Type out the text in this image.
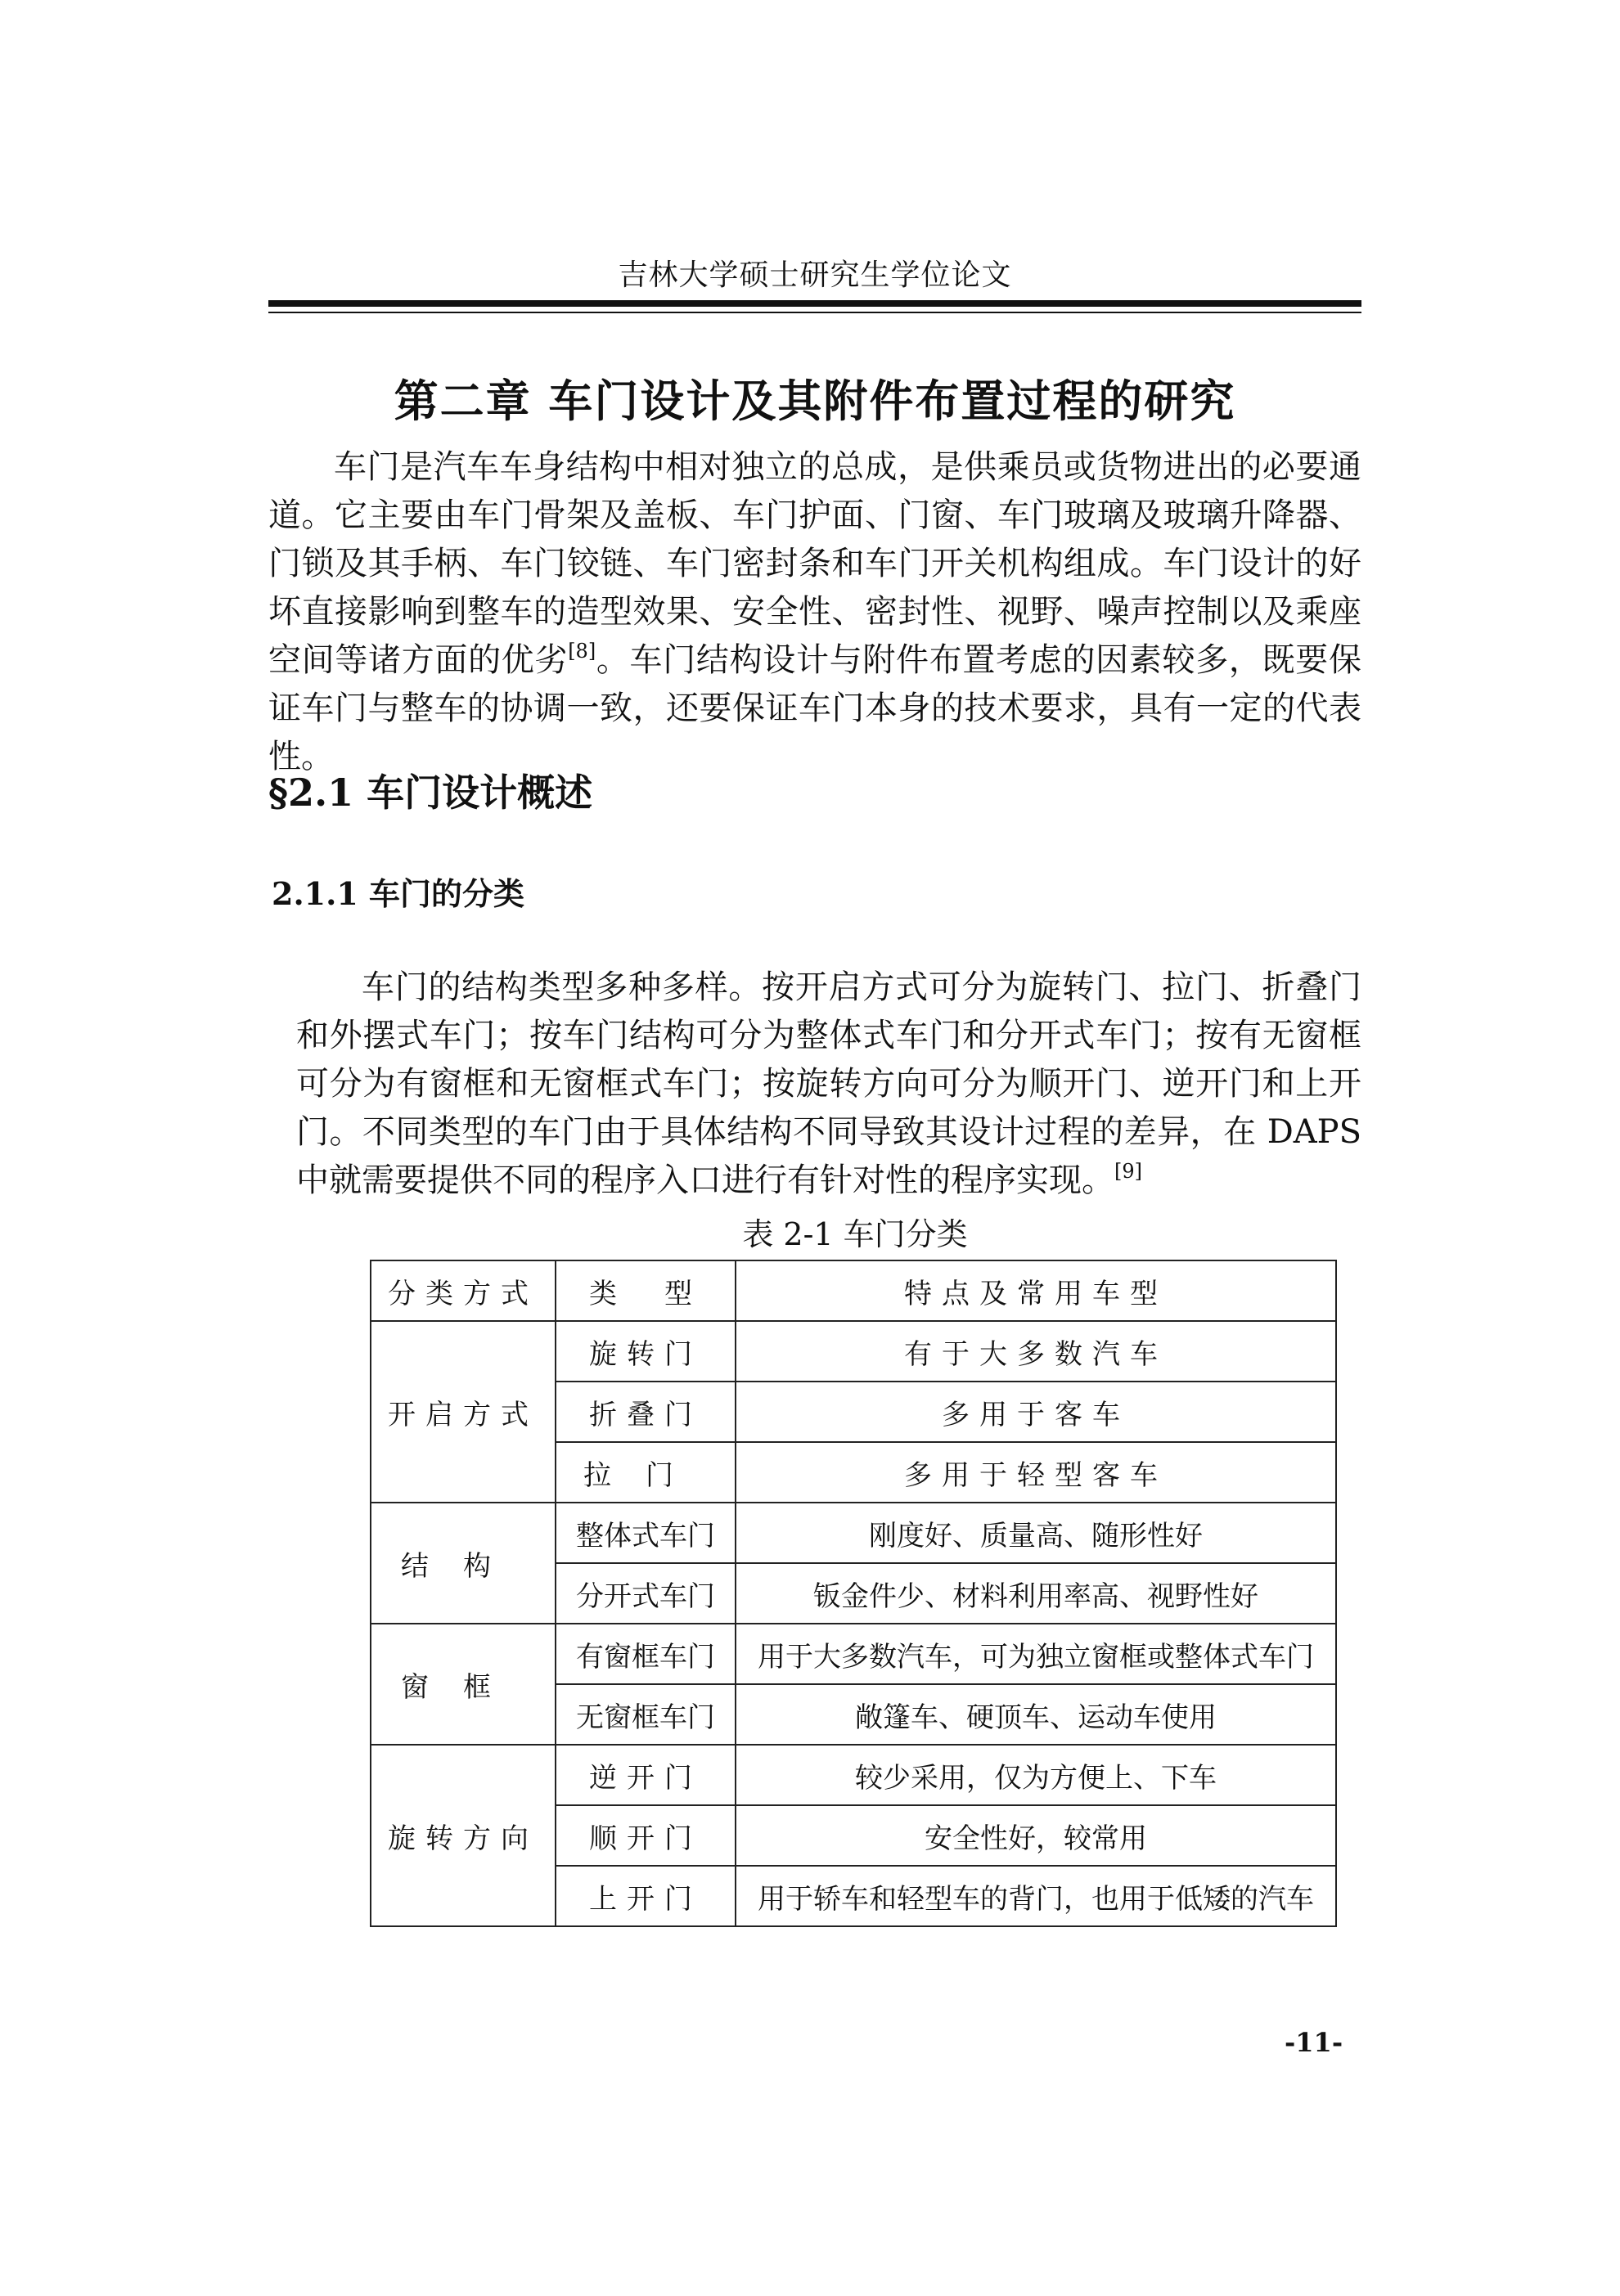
吉林大学硕士研究生学位论文
第二章 车门设计及其附件布置过程的研究
车门是汽车车身结构中相对独立的总成，是供乘员或货物进出的必要通道。它主要由车门骨架及盖板、车门护面、门窗、车门玻璃及玻璃升降器、门锁及其手柄、车门铰链、车门密封条和车门开关机构组成。车门设计的好坏直接影响到整车的造型效果、安全性、密封性、视野、噪声控制以及乘座空间等诸方面的优劣[8]。车门结构设计与附件布置考虑的因素较多，既要保证车门与整车的协调一致，还要保证车门本身的技术要求，具有一定的代表性。
§2.1 车门设计概述
2.1.1 车门的分类
车门的结构类型多种多样。按开启方式可分为旋转门、拉门、折叠门和外摆式车门；按车门结构可分为整体式车门和分开式车门；按有无窗框可分为有窗框和无窗框式车门；按旋转方向可分为顺开门、逆开门和上开门。不同类型的车门由于具体结构不同导致其设计过程的差异，在 DAPS 中就需要提供不同的程序入口进行有针对性的程序实现。[9]
表 2-1 车门分类
分类方式	类　型	特点及常用车型
开启方式	旋转门	有于大多数汽车
	折叠门	多用于客车
	拉门	多用于轻型客车
结构	整体式车门	刚度好、质量高、随形性好
	分开式车门	钣金件少、材料利用率高、视野性好
窗框	有窗框车门	用于大多数汽车，可为独立窗框或整体式车门
	无窗框车门	敞篷车、硬顶车、运动车使用
旋转方向	逆开门	较少采用，仅为方便上、下车
	顺开门	安全性好，较常用
	上开门	用于轿车和轻型车的背门，也用于低矮的汽车
-11-
